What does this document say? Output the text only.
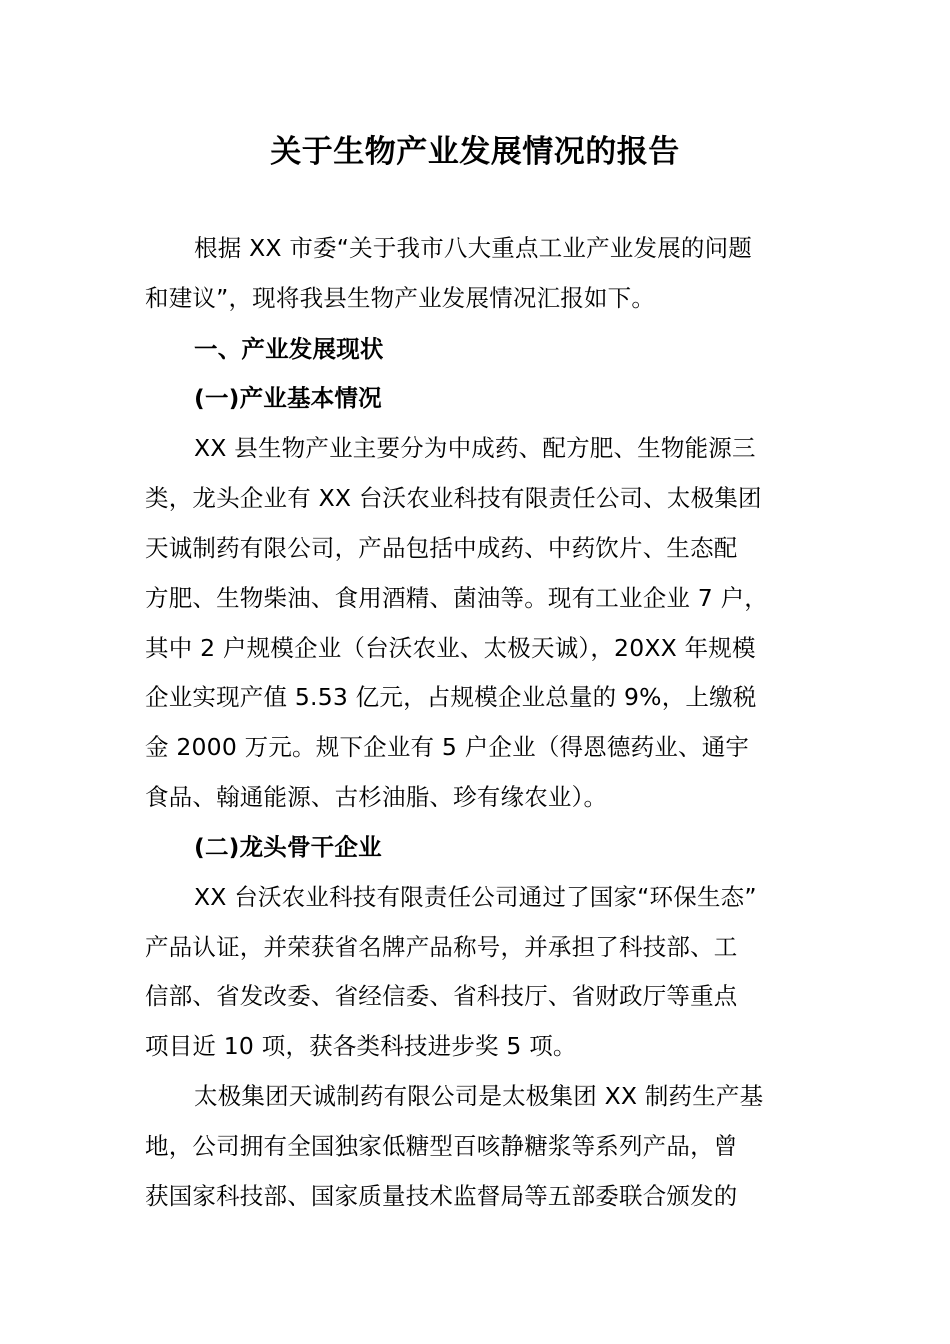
关于生物产业发展情况的报告
根据 XX 市委“关于我市八大重点工业产业发展的问题
和建议”，现将我县生物产业发展情况汇报如下。
一、产业发展现状
(一)产业基本情况
XX 县生物产业主要分为中成药、配方肥、生物能源三
类，龙头企业有 XX 台沃农业科技有限责任公司、太极集团
天诚制药有限公司，产品包括中成药、中药饮片、生态配
方肥、生物柴油、食用酒精、菌油等。现有工业企业 7 户，
其中 2 户规模企业（台沃农业、太极天诚），20XX 年规模
企业实现产值 5.53 亿元，占规模企业总量的 9%，上缴税
金 2000 万元。规下企业有 5 户企业（得恩德药业、通宇
食品、翰通能源、古杉油脂、珍有缘农业）。
(二)龙头骨干企业
XX 台沃农业科技有限责任公司通过了国家“环保生态”
产品认证，并荣获省名牌产品称号，并承担了科技部、工
信部、省发改委、省经信委、省科技厅、省财政厅等重点
项目近 10 项，获各类科技进步奖 5 项。
太极集团天诚制药有限公司是太极集团 XX 制药生产基
地，公司拥有全国独家低糖型百咳静糖浆等系列产品，曾
获国家科技部、国家质量技术监督局等五部委联合颁发的
